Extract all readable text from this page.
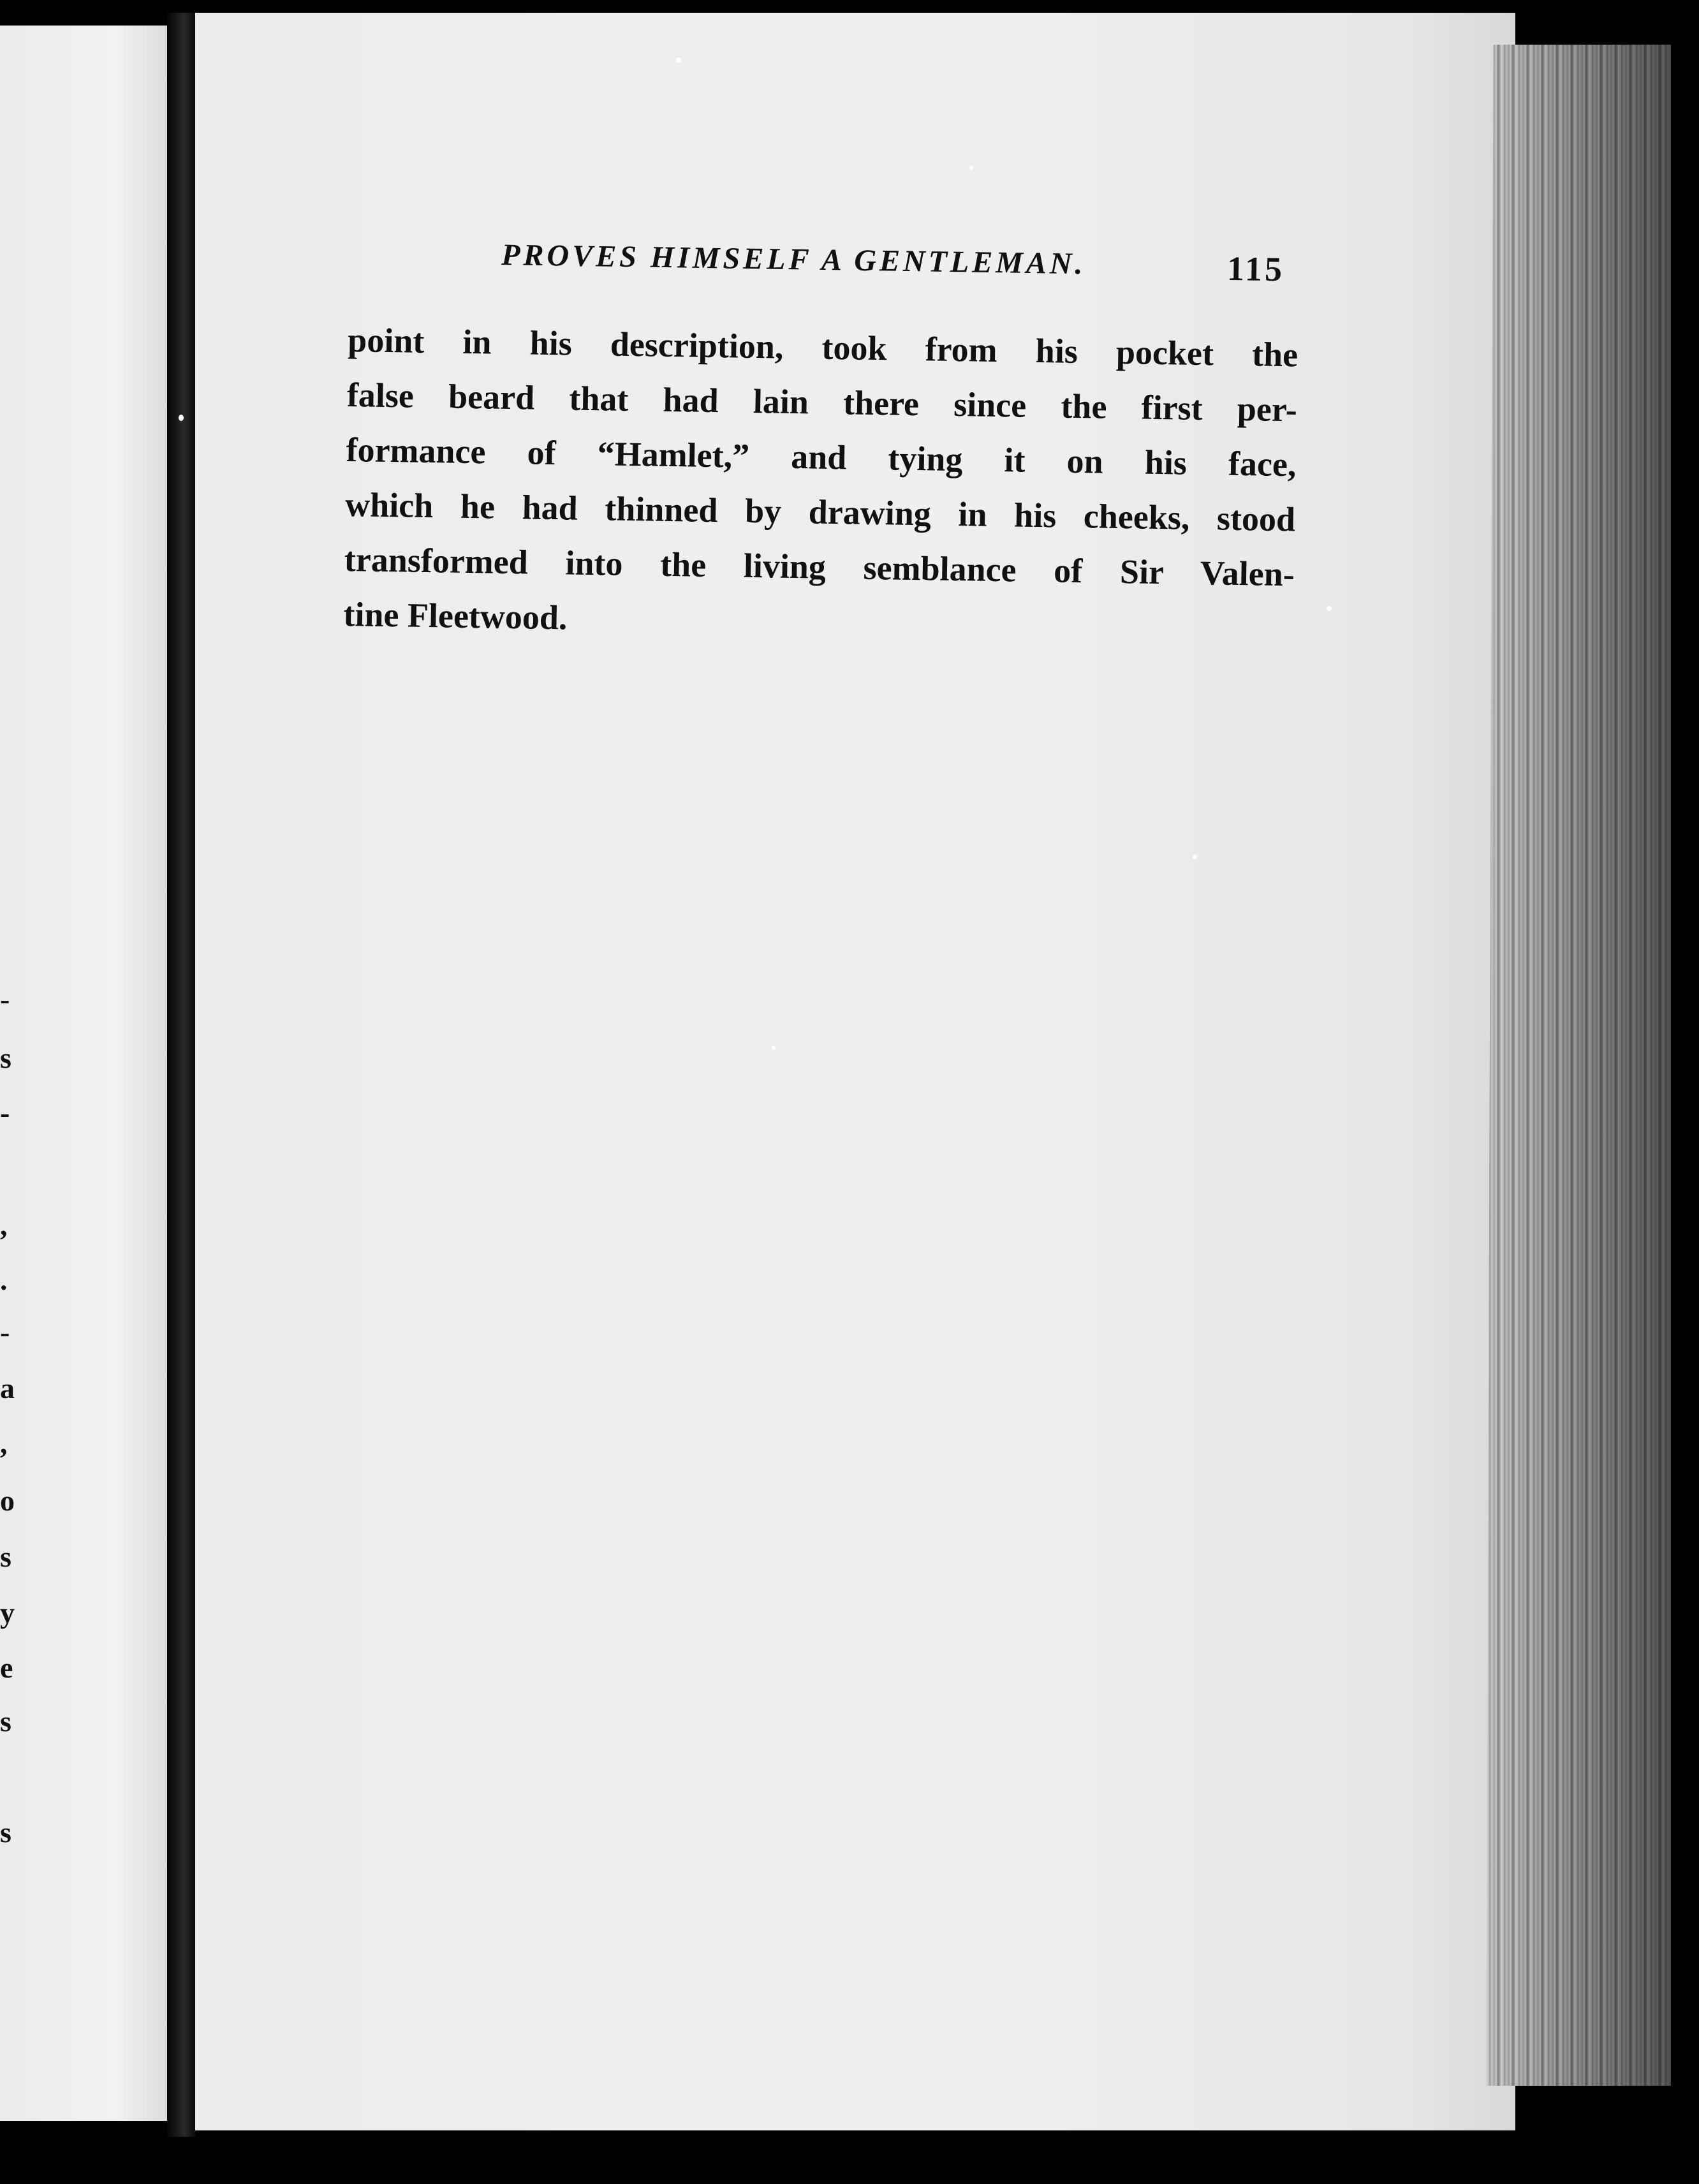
-
s
-
,
.
-
a
,
o
s
y
e
s
s
PROVES HIMSELF A GENTLEMAN.	115
point in his description, took from his pocket the
false beard that had lain there since the first per-
formance of “Hamlet,” and tying it on his face,
which he had thinned by drawing in his cheeks, stood
transformed into the living semblance of Sir Valen-
tine Fleetwood.
